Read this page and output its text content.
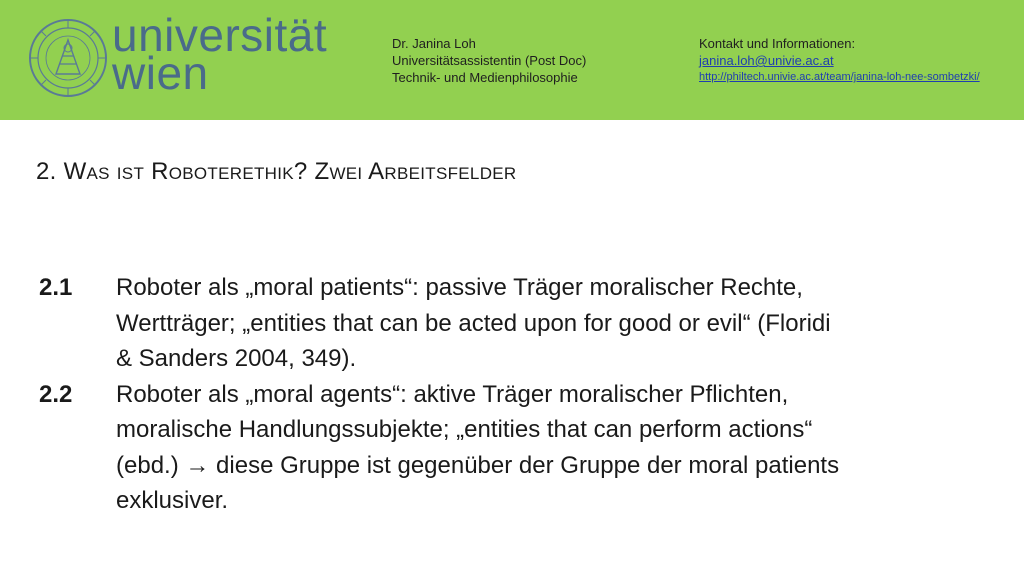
universität
wien
Dr. Janina Loh
Universitätsassistentin (Post Doc)
Technik- und Medienphilosophie
Kontakt und Informationen:
janina.loh@univie.ac.at
http://philtech.univie.ac.at/team/janina-loh-nee-sombetzki/
2. Was ist Roboterethik? Zwei Arbeitsfelder
2.1	Roboter als „moral patients“: passive Träger moralischer Rechte,
Wertträger; „entities that can be acted upon for good or evil“ (Floridi
& Sanders 2004, 349).
2.2	Roboter als „moral agents“: aktive Träger moralischer Pflichten,
moralische Handlungssubjekte; „entities that can perform actions“
(ebd.) → diese Gruppe ist gegenüber der Gruppe der moral patients
exklusiver.
